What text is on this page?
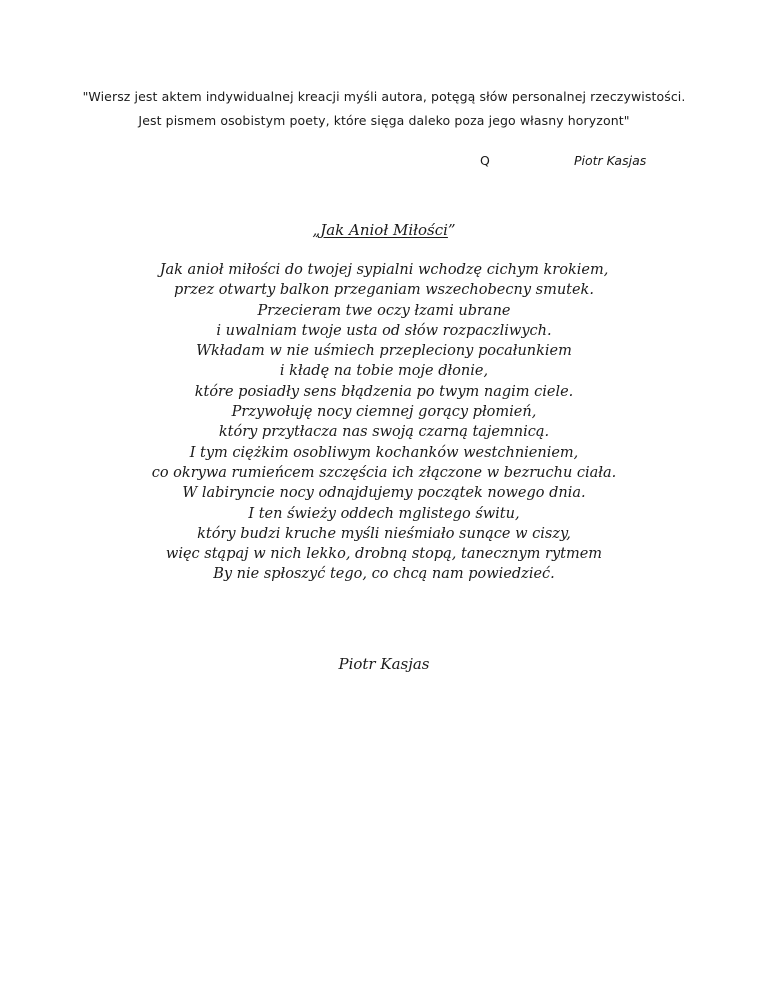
"Wiersz jest aktem indywidualnej kreacji myśli autora, potęgą słów personalnej rzeczywistości.
Jest pismem osobistym poety, które sięga daleko poza jego własny horyzont"
Q	Piotr Kasjas
„Jak Anioł Miłości”
Jak anioł miłości do twojej sypialni wchodzę cichym krokiem,
przez otwarty balkon przeganiam wszechobecny smutek.
Przecieram twe oczy łzami ubrane
i uwalniam twoje usta od słów rozpaczliwych.
Wkładam w nie uśmiech przepleciony pocałunkiem
i kładę na tobie moje dłonie,
które posiadły sens błądzenia po twym nagim ciele.
Przywołuję nocy ciemnej gorący płomień,
który przytłacza nas swoją czarną tajemnicą.
I tym ciężkim osobliwym kochanków westchnieniem,
co okrywa rumieńcem szczęścia ich złączone w bezruchu ciała.
W labiryncie nocy odnajdujemy początek nowego dnia.
I ten świeży oddech mglistego świtu,
który budzi kruche myśli nieśmiało sunące w ciszy,
więc stąpaj w nich lekko, drobną stopą, tanecznym rytmem
By nie spłoszyć tego, co chcą nam powiedzieć.
Piotr Kasjas
